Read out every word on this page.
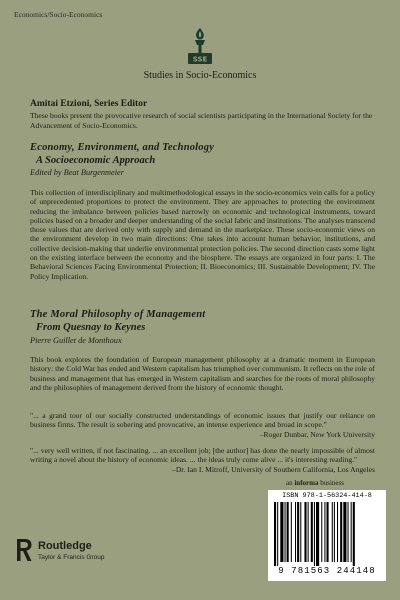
Economics/Socio-Economics
SSE
Studies in Socio-Economics
Amitai Etzioni, Series Editor
These books present the provocative research of social scientists participating in the International Society for the Advancement of Socio-Economics.
Economy, Environment, and Technology
A Socioeconomic Approach
Edited by Beat Burgenmeier
This collection of interdisciplinary and multimethodological essays in the socio-economics vein calls for a policy of unprecedented proportions to protect the environment. They are approaches to protecting the environment reducing the imbalance between policies based narrowly on economic and technological instruments, toward policies based on a broader and deeper understanding of the social fabric and institutions. The analyses transcend those values that are derived only with supply and demand in the marketplace. These socio-economic views on the environment develop in two main directions: One takes into account human behavior, institutions, and collective decision-making that underlie environmental protection policies. The second direction casts some light on the existing interface between the economy and the biosphere. The essays are organized in four parts: I. The Behavioral Sciences Facing Environmental Protection; II. Bioeconomics; III. Sustainable Development; IV. The Policy Implication.
The Moral Philosophy of Management
From Quesnay to Keynes
Pierre Guillet de Monthoux
This book explores the foundation of European management philosophy at a dramatic moment in European history: the Cold War has ended and Western capitalism has triumphed over communism. It reflects on the role of business and management that has emerged in Western capitalism and searches for the roots of moral philosophy and the philosophies of management derived from the history of economic thought.
"... a grand tour of our socially constructed understandings of economic issues that justify our reliance on business firms. The result is sobering and provocative, an intense experience and broad in scope."
–Roger Dunbar, New York University
"... very well written, if not fascinating. ... an excellent job; [the author] has done the nearly impossible of almost writing a novel about the history of economic ideas. ... the ideas truly come alive ... it's interesting reading."
–Dr. Ian I. Mitroff, University of Southern California, Los Angeles
an informa business
ISBN 978-1-56324-414-8
9 781563 244148
Routledge
Taylor & Francis Group
